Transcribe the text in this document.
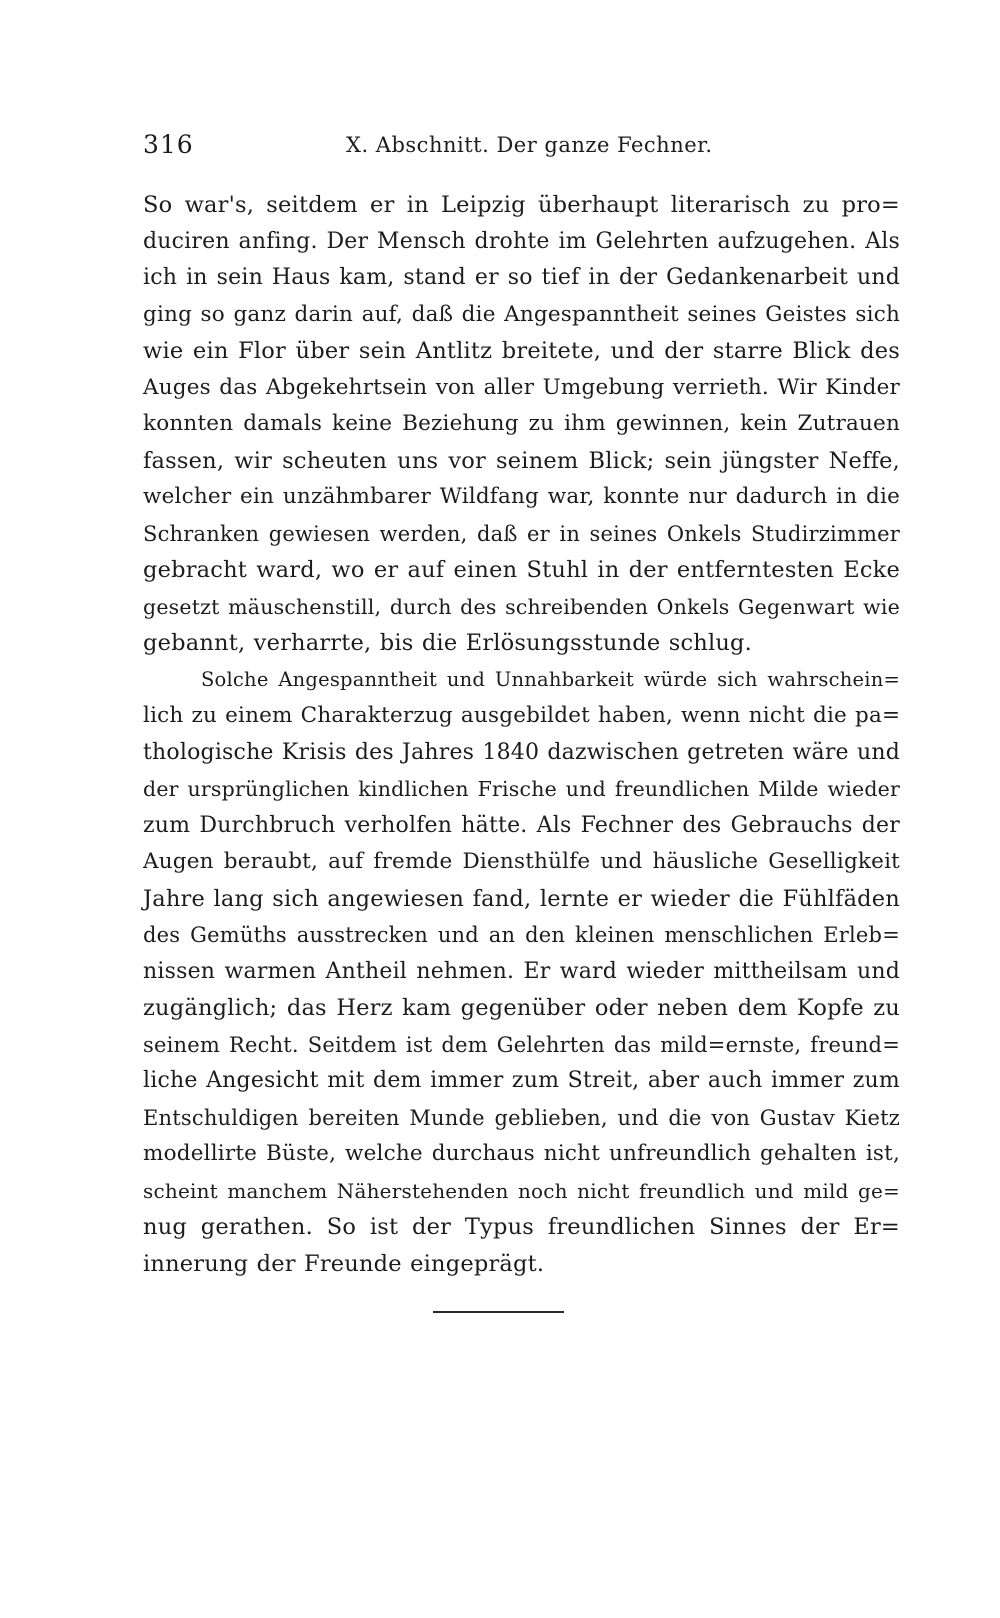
316	X. Abschnitt. Der ganze Fechner.
So war's, seitdem er in Leipzig überhaupt literarisch zu pro=
duciren anfing. Der Mensch drohte im Gelehrten aufzugehen. Als
ich in sein Haus kam, stand er so tief in der Gedankenarbeit und
ging so ganz darin auf, daß die Angespanntheit seines Geistes sich
wie ein Flor über sein Antlitz breitete, und der starre Blick des
Auges das Abgekehrtsein von aller Umgebung verrieth. Wir Kinder
konnten damals keine Beziehung zu ihm gewinnen, kein Zutrauen
fassen, wir scheuten uns vor seinem Blick; sein jüngster Neffe,
welcher ein unzähmbarer Wildfang war, konnte nur dadurch in die
Schranken gewiesen werden, daß er in seines Onkels Studirzimmer
gebracht ward, wo er auf einen Stuhl in der entferntesten Ecke
gesetzt mäuschenstill, durch des schreibenden Onkels Gegenwart wie
gebannt, verharrte, bis die Erlösungsstunde schlug.
Solche Angespanntheit und Unnahbarkeit würde sich wahrschein=
lich zu einem Charakterzug ausgebildet haben, wenn nicht die pa=
thologische Krisis des Jahres 1840 dazwischen getreten wäre und
der ursprünglichen kindlichen Frische und freundlichen Milde wieder
zum Durchbruch verholfen hätte. Als Fechner des Gebrauchs der
Augen beraubt, auf fremde Diensthülfe und häusliche Geselligkeit
Jahre lang sich angewiesen fand, lernte er wieder die Fühlfäden
des Gemüths ausstrecken und an den kleinen menschlichen Erleb=
nissen warmen Antheil nehmen. Er ward wieder mittheilsam und
zugänglich; das Herz kam gegenüber oder neben dem Kopfe zu
seinem Recht. Seitdem ist dem Gelehrten das mild=ernste, freund=
liche Angesicht mit dem immer zum Streit, aber auch immer zum
Entschuldigen bereiten Munde geblieben, und die von Gustav Kietz
modellirte Büste, welche durchaus nicht unfreundlich gehalten ist,
scheint manchem Näherstehenden noch nicht freundlich und mild ge=
nug gerathen. So ist der Typus freundlichen Sinnes der Er=
innerung der Freunde eingeprägt.
